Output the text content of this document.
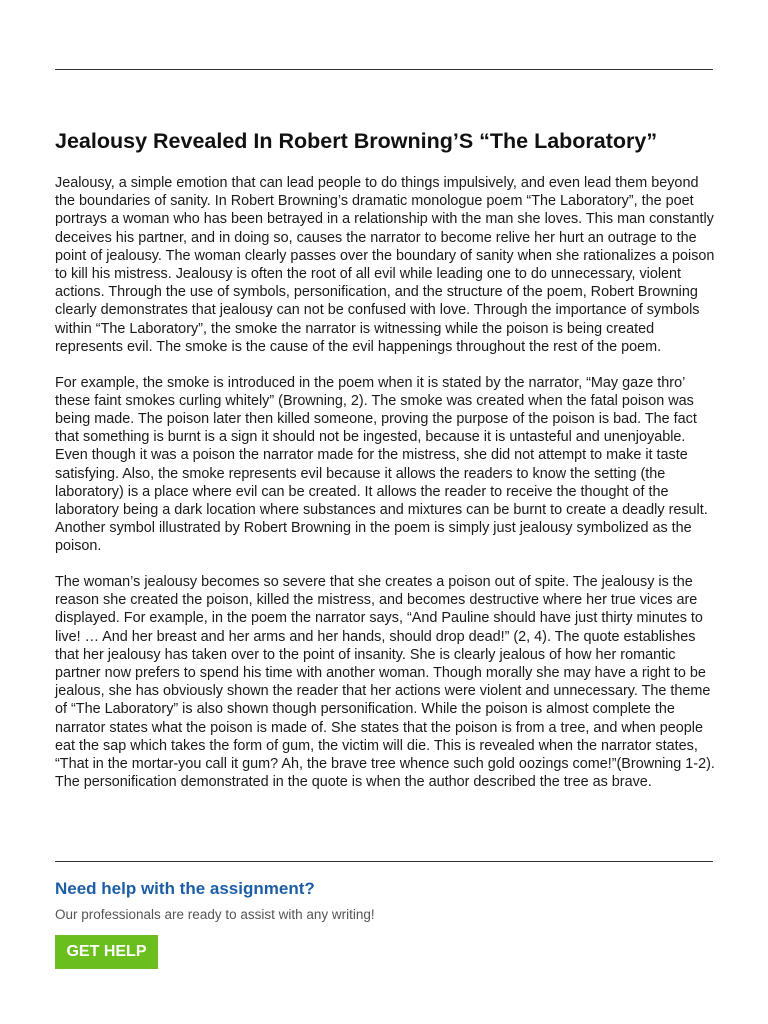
Jealousy Revealed In Robert Browning’S “The Laboratory”

Jealousy, a simple emotion that can lead people to do things impulsively, and even lead them beyond the boundaries of sanity. In Robert Browning’s dramatic monologue poem “The Laboratory”, the poet portrays a woman who has been betrayed in a relationship with the man she loves. This man constantly deceives his partner, and in doing so, causes the narrator to become relive her hurt an outrage to the point of jealousy. The woman clearly passes over the boundary of sanity when she rationalizes a poison to kill his mistress. Jealousy is often the root of all evil while leading one to do unnecessary, violent actions. Through the use of symbols, personification, and the structure of the poem, Robert Browning clearly demonstrates that jealousy can not be confused with love. Through the importance of symbols within “The Laboratory”, the smoke the narrator is witnessing while the poison is being created represents evil. The smoke is the cause of the evil happenings throughout the rest of the poem.

For example, the smoke is introduced in the poem when it is stated by the narrator, “May gaze thro’ these faint smokes curling whitely” (Browning, 2). The smoke was created when the fatal poison was being made. The poison later then killed someone, proving the purpose of the poison is bad. The fact that something is burnt is a sign it should not be ingested, because it is untasteful and unenjoyable. Even though it was a poison the narrator made for the mistress, she did not attempt to make it taste satisfying. Also, the smoke represents evil because it allows the readers to know the setting (the laboratory) is a place where evil can be created. It allows the reader to receive the thought of the laboratory being a dark location where substances and mixtures can be burnt to create a deadly result. Another symbol illustrated by Robert Browning in the poem is simply just jealousy symbolized as the poison.

The woman’s jealousy becomes so severe that she creates a poison out of spite. The jealousy is the reason she created the poison, killed the mistress, and becomes destructive where her true vices are displayed. For example, in the poem the narrator says, “And Pauline should have just thirty minutes to live! … And her breast and her arms and her hands, should drop dead!” (2, 4). The quote establishes that her jealousy has taken over to the point of insanity. She is clearly jealous of how her romantic partner now prefers to spend his time with another woman. Though morally she may have a right to be jealous, she has obviously shown the reader that her actions were violent and unnecessary. The theme of “The Laboratory” is also shown though personification. While the poison is almost complete the narrator states what the poison is made of. She states that the poison is from a tree, and when people eat the sap which takes the form of gum, the victim will die. This is revealed when the narrator states, “That in the mortar-you call it gum? Ah, the brave tree whence such gold oozings come!”(Browning 1-2). The personification demonstrated in the quote is when the author described the tree as brave.

Need help with the assignment?

Our professionals are ready to assist with any writing!

GET HELP
